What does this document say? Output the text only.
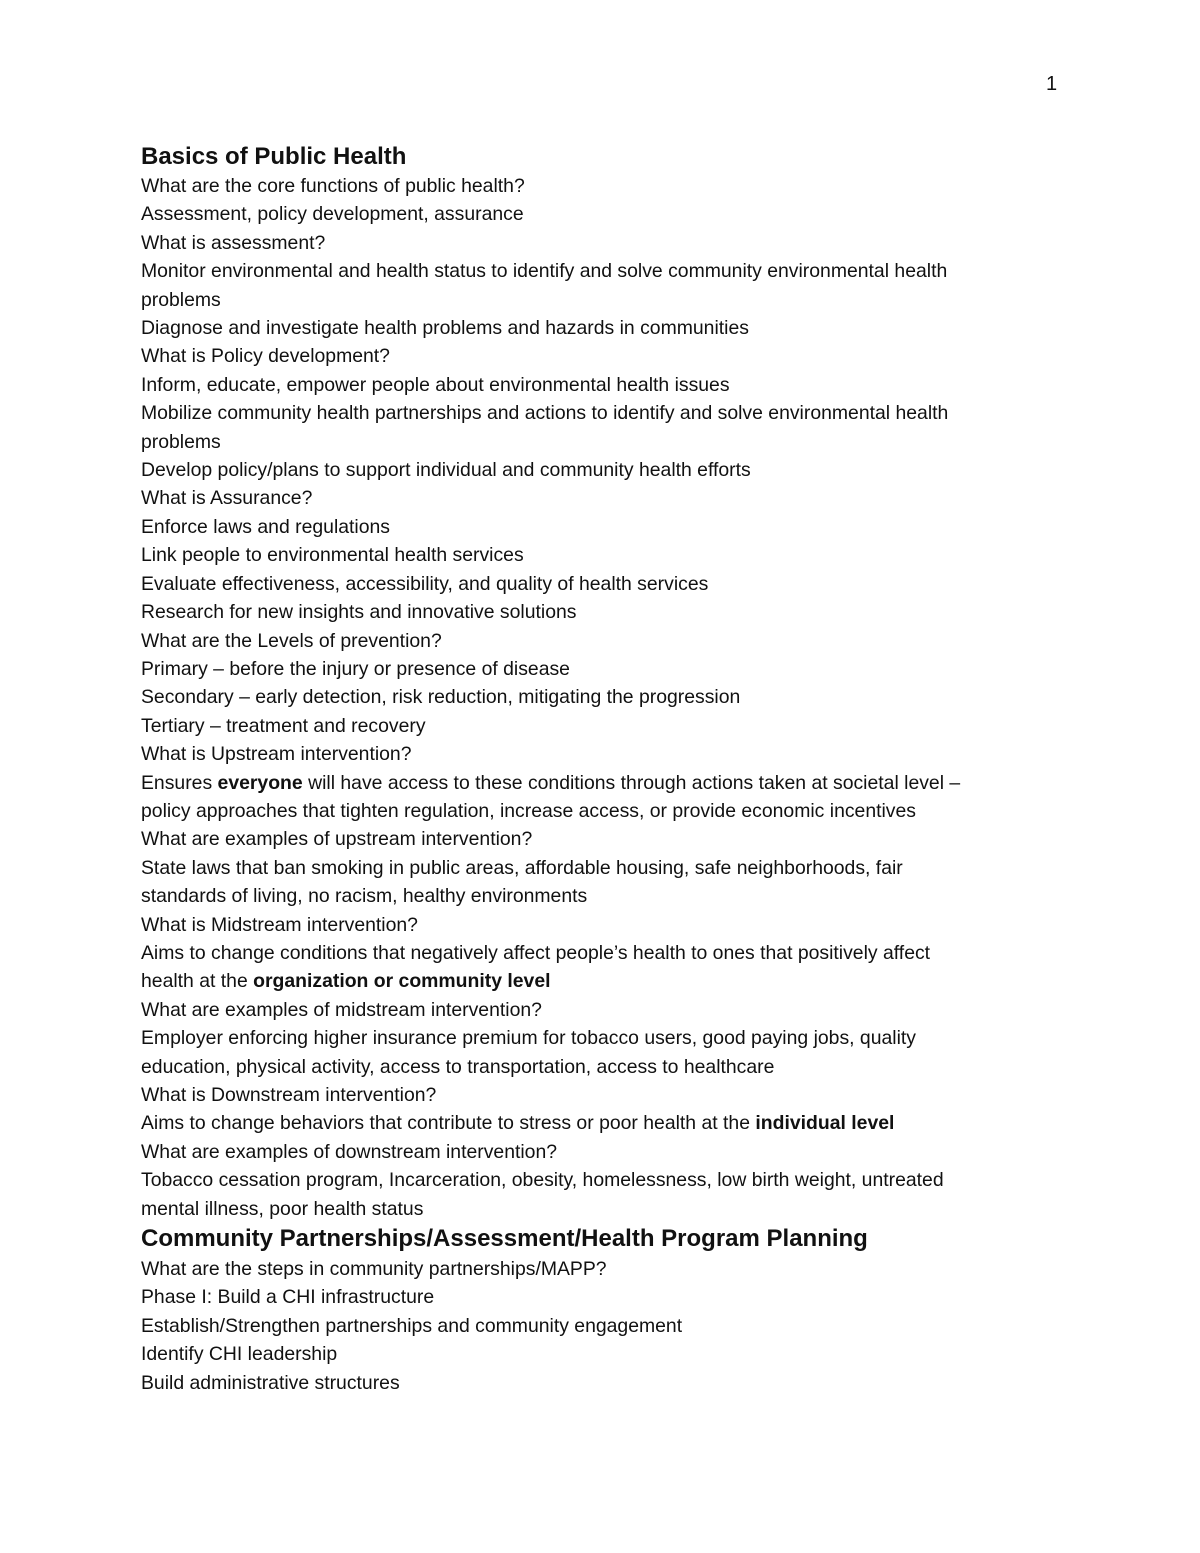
1
Basics of Public Health
What are the core functions of public health?
Assessment, policy development, assurance
What is assessment?
Monitor environmental and health status to identify and solve community environmental health
problems
Diagnose and investigate health problems and hazards in communities
What is Policy development?
Inform, educate, empower people about environmental health issues
Mobilize community health partnerships and actions to identify and solve environmental health
problems
Develop policy/plans to support individual and community health efforts
What is Assurance?
Enforce laws and regulations
Link people to environmental health services
Evaluate effectiveness, accessibility, and quality of health services
Research for new insights and innovative solutions
What are the Levels of prevention?
Primary – before the injury or presence of disease
Secondary – early detection, risk reduction, mitigating the progression
Tertiary – treatment and recovery
What is Upstream intervention?
Ensures everyone will have access to these conditions through actions taken at societal level –
policy approaches that tighten regulation, increase access, or provide economic incentives
What are examples of upstream intervention?
State laws that ban smoking in public areas, affordable housing, safe neighborhoods, fair
standards of living, no racism, healthy environments
What is Midstream intervention?
Aims to change conditions that negatively affect people’s health to ones that positively affect
health at the organization or community level
What are examples of midstream intervention?
Employer enforcing higher insurance premium for tobacco users, good paying jobs, quality
education, physical activity, access to transportation, access to healthcare
What is Downstream intervention?
Aims to change behaviors that contribute to stress or poor health at the individual level
What are examples of downstream intervention?
Tobacco cessation program, Incarceration, obesity, homelessness, low birth weight, untreated
mental illness, poor health status
Community Partnerships/Assessment/Health Program Planning
What are the steps in community partnerships/MAPP?
Phase I: Build a CHI infrastructure
Establish/Strengthen partnerships and community engagement
Identify CHI leadership
Build administrative structures
